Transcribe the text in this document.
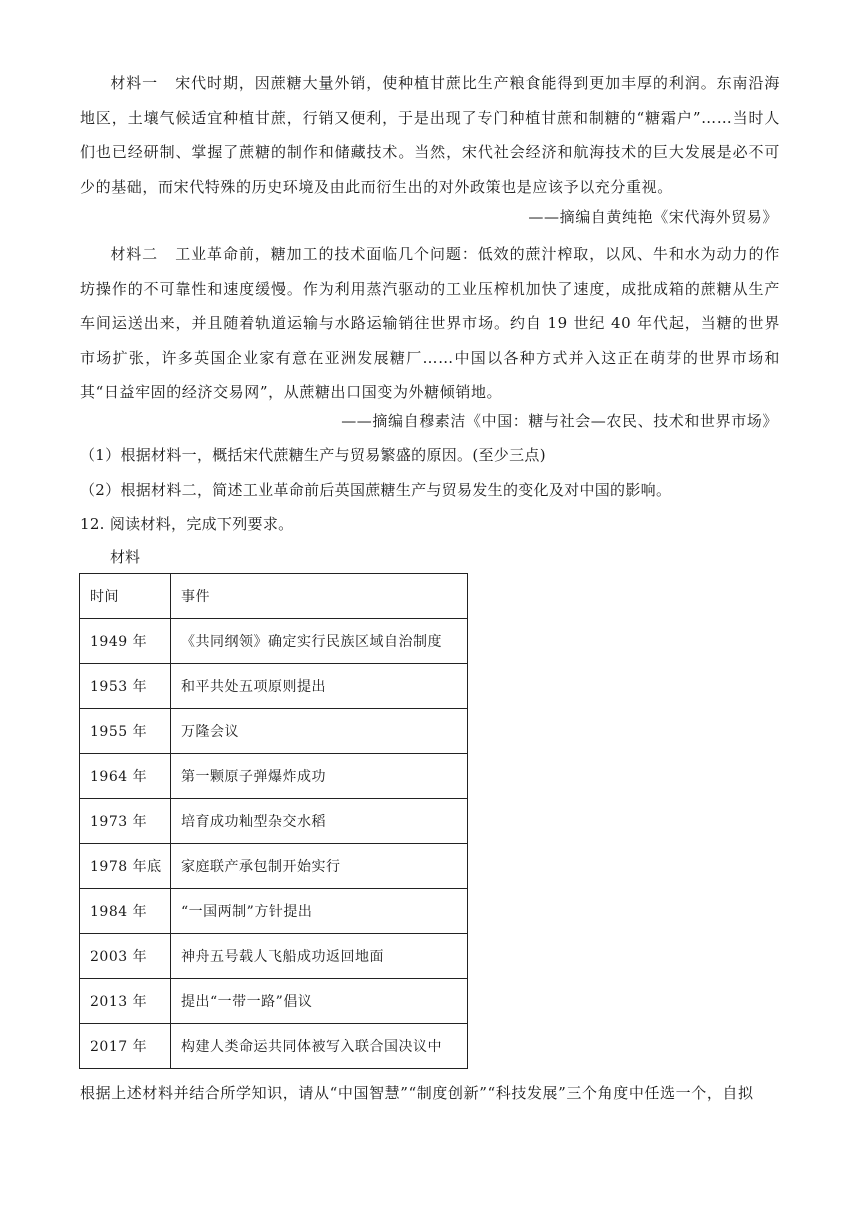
材料一 宋代时期，因蔗糖大量外销，使种植甘蔗比生产粮食能得到更加丰厚的利润。东南沿海地区，土壤气候适宜种植甘蔗，行销又便利，于是出现了专门种植甘蔗和制糖的“糖霜户”……当时人们也已经研制、掌握了蔗糖的制作和储藏技术。当然，宋代社会经济和航海技术的巨大发展是必不可少的基础，而宋代特殊的历史环境及由此而衍生出的对外政策也是应该予以充分重视。
——摘编自黄纯艳《宋代海外贸易》
材料二 工业革命前，糖加工的技术面临几个问题：低效的蔗汁榨取，以风、牛和水为动力的作坊操作的不可靠性和速度缓慢。作为利用蒸汽驱动的工业压榨机加快了速度，成批成箱的蔗糖从生产车间运送出来，并且随着轨道运输与水路运输销往世界市场。约自 19 世纪 40 年代起，当糖的世界市场扩张，许多英国企业家有意在亚洲发展糖厂……中国以各种方式并入这正在萌芽的世界市场和其“日益牢固的经济交易网”，从蔗糖出口国变为外糖倾销地。
——摘编自穆素洁《中国：糖与社会—农民、技术和世界市场》
（1）根据材料一，概括宋代蔗糖生产与贸易繁盛的原因。(至少三点)
（2）根据材料二，简述工业革命前后英国蔗糖生产与贸易发生的变化及对中国的影响。
12. 阅读材料，完成下列要求。
材料
时间	事件
1949 年	《共同纲领》确定实行民族区域自治制度
1953 年	和平共处五项原则提出
1955 年	万隆会议
1964 年	第一颗原子弹爆炸成功
1973 年	培育成功籼型杂交水稻
1978 年底	家庭联产承包制开始实行
1984 年	“一国两制”方针提出
2003 年	神舟五号载人飞船成功返回地面
2013 年	提出“一带一路”倡议
2017 年	构建人类命运共同体被写入联合国决议中
根据上述材料并结合所学知识，请从“中国智慧”“制度创新”“科技发展”三个角度中任选一个，自拟
